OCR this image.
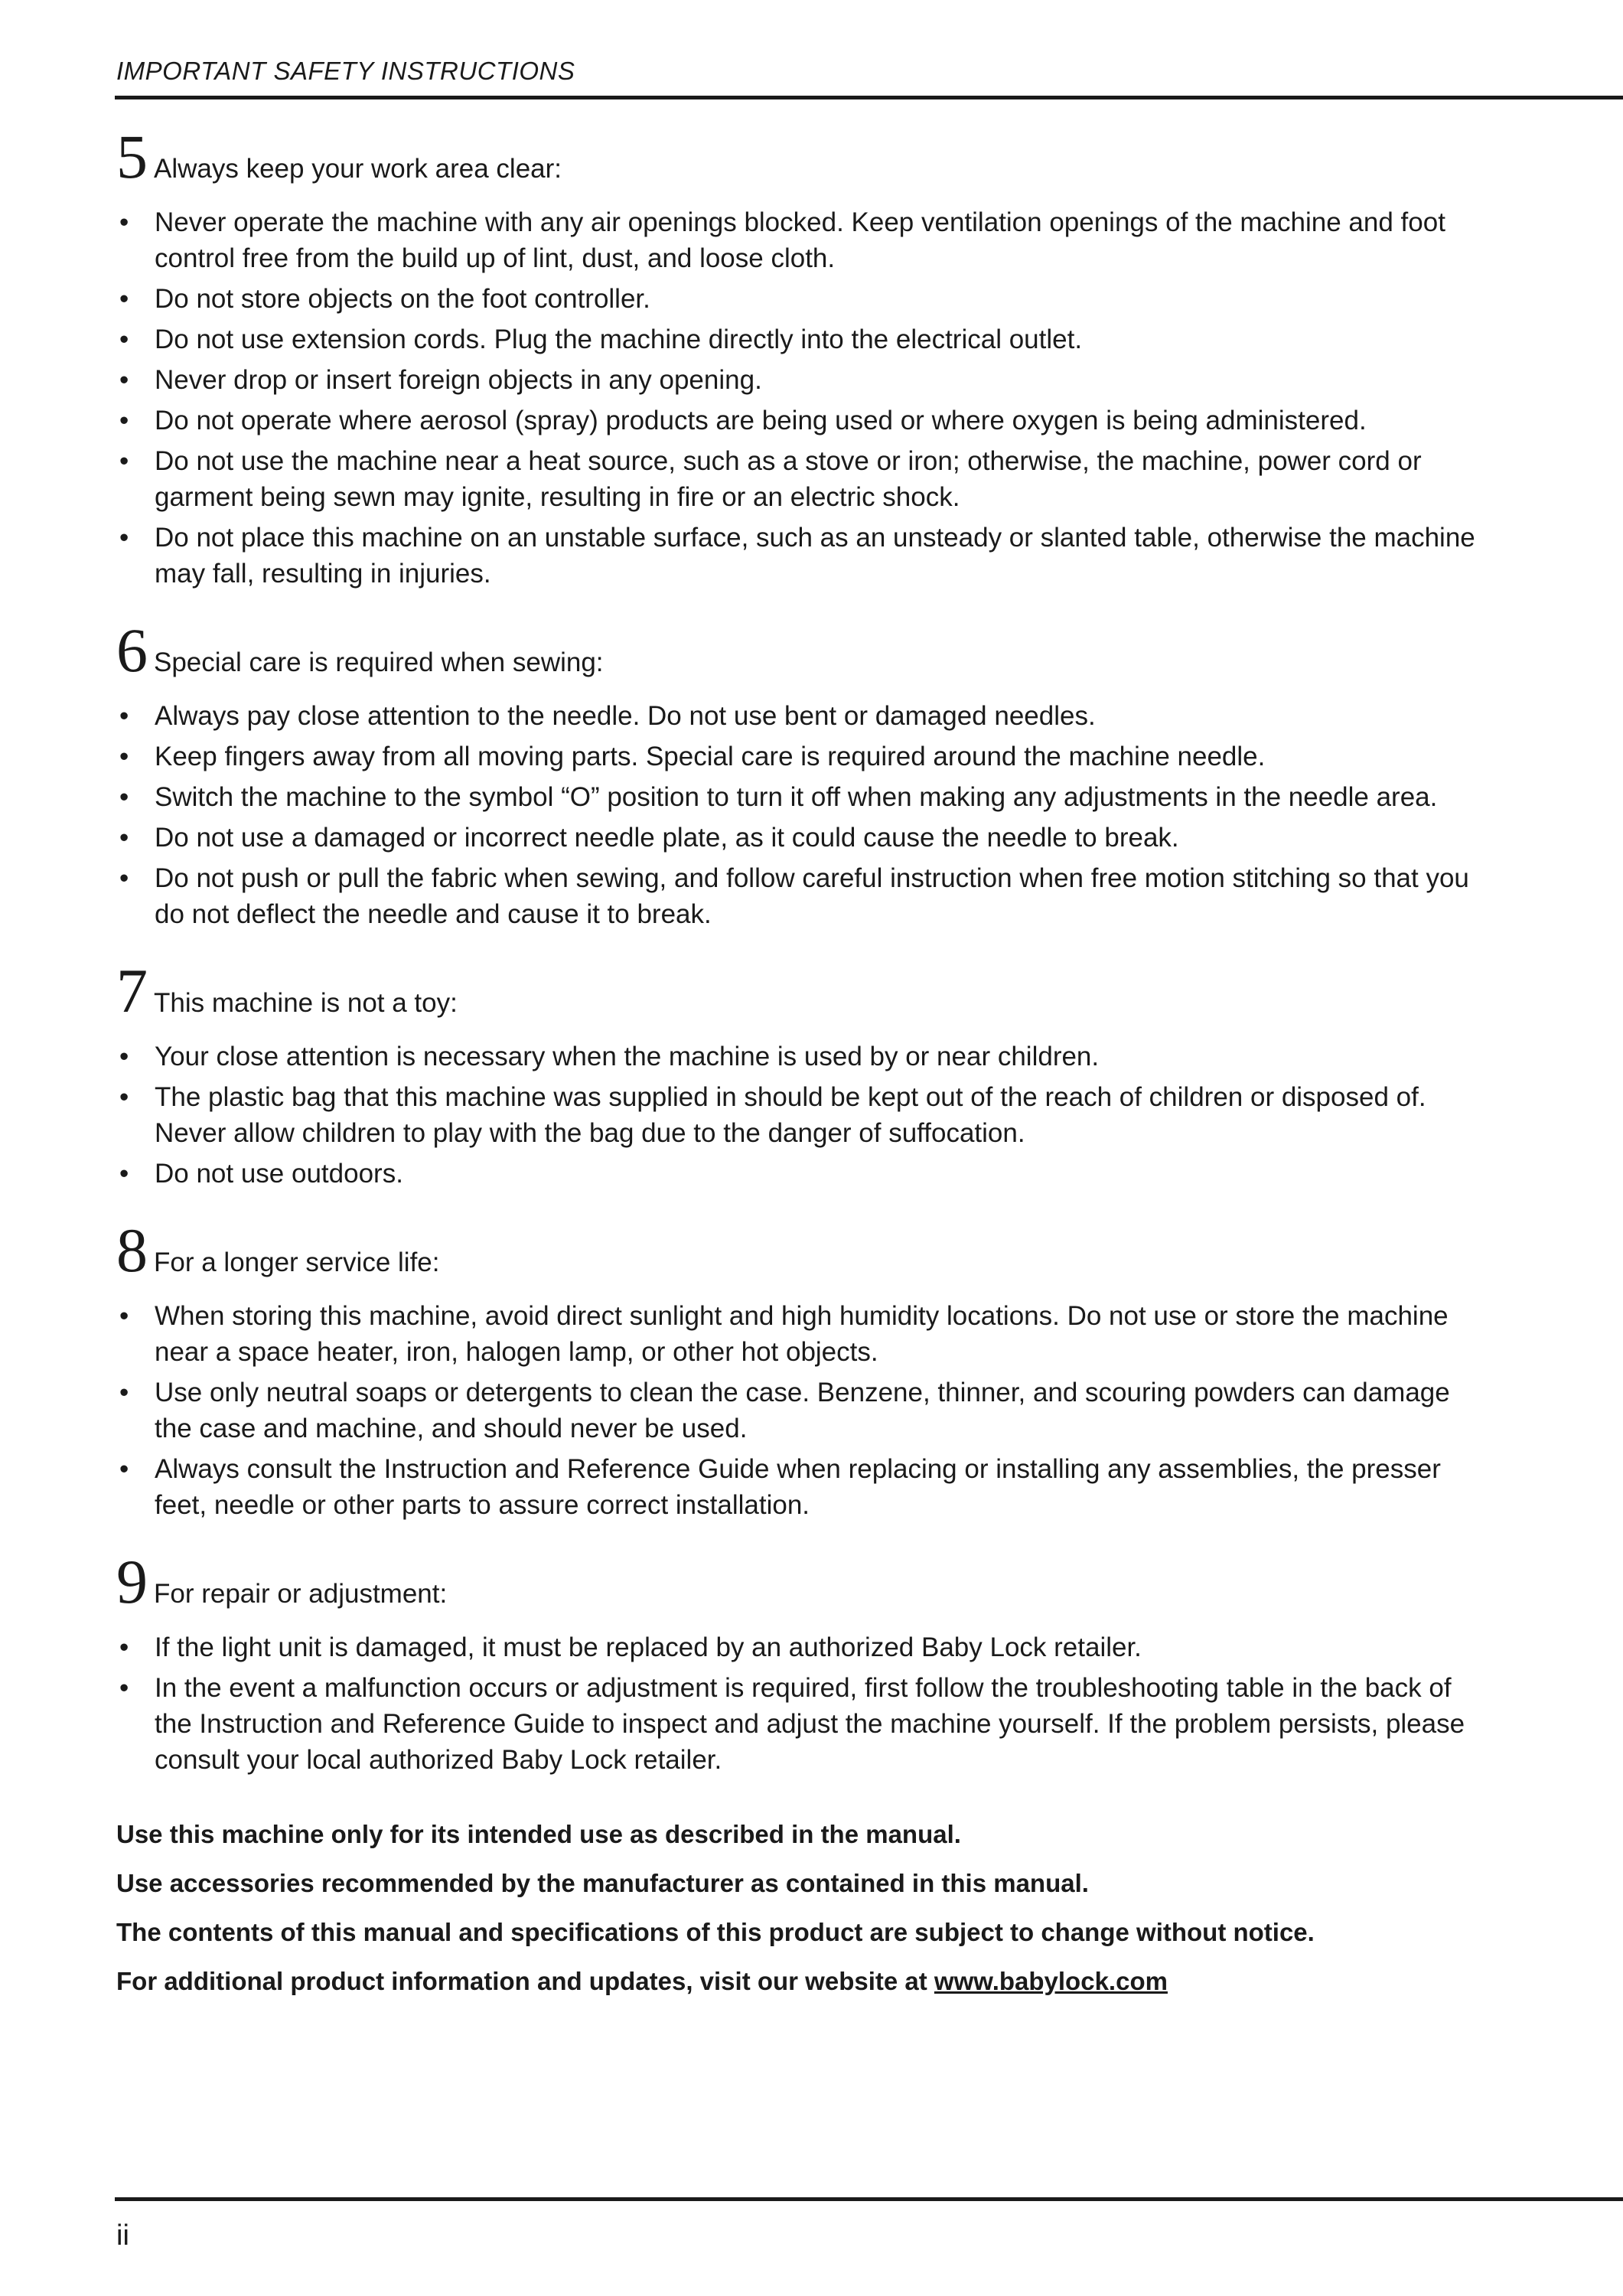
IMPORTANT SAFETY INSTRUCTIONS
5 Always keep your work area clear:
• Never operate the machine with any air openings blocked. Keep ventilation openings of the machine and foot control free from the build up of lint, dust, and loose cloth.
• Do not store objects on the foot controller.
• Do not use extension cords. Plug the machine directly into the electrical outlet.
• Never drop or insert foreign objects in any opening.
• Do not operate where aerosol (spray) products are being used or where oxygen is being administered.
• Do not use the machine near a heat source, such as a stove or iron; otherwise, the machine, power cord or garment being sewn may ignite, resulting in fire or an electric shock.
• Do not place this machine on an unstable surface, such as an unsteady or slanted table, otherwise the machine may fall, resulting in injuries.
6 Special care is required when sewing:
• Always pay close attention to the needle. Do not use bent or damaged needles.
• Keep fingers away from all moving parts. Special care is required around the machine needle.
• Switch the machine to the symbol “O” position to turn it off when making any adjustments in the needle area.
• Do not use a damaged or incorrect needle plate, as it could cause the needle to break.
• Do not push or pull the fabric when sewing, and follow careful instruction when free motion stitching so that you do not deflect the needle and cause it to break.
7 This machine is not a toy:
• Your close attention is necessary when the machine is used by or near children.
• The plastic bag that this machine was supplied in should be kept out of the reach of children or disposed of. Never allow children to play with the bag due to the danger of suffocation.
• Do not use outdoors.
8 For a longer service life:
• When storing this machine, avoid direct sunlight and high humidity locations. Do not use or store the machine near a space heater, iron, halogen lamp, or other hot objects.
• Use only neutral soaps or detergents to clean the case. Benzene, thinner, and scouring powders can damage the case and machine, and should never be used.
• Always consult the Instruction and Reference Guide when replacing or installing any assemblies, the presser feet, needle or other parts to assure correct installation.
9 For repair or adjustment:
• If the light unit is damaged, it must be replaced by an authorized Baby Lock retailer.
• In the event a malfunction occurs or adjustment is required, first follow the troubleshooting table in the back of the Instruction and Reference Guide to inspect and adjust the machine yourself. If the problem persists, please consult your local authorized Baby Lock retailer.

Use this machine only for its intended use as described in the manual.

Use accessories recommended by the manufacturer as contained in this manual.

The contents of this manual and specifications of this product are subject to change without notice.

For additional product information and updates, visit our website at www.babylock.com

ii
